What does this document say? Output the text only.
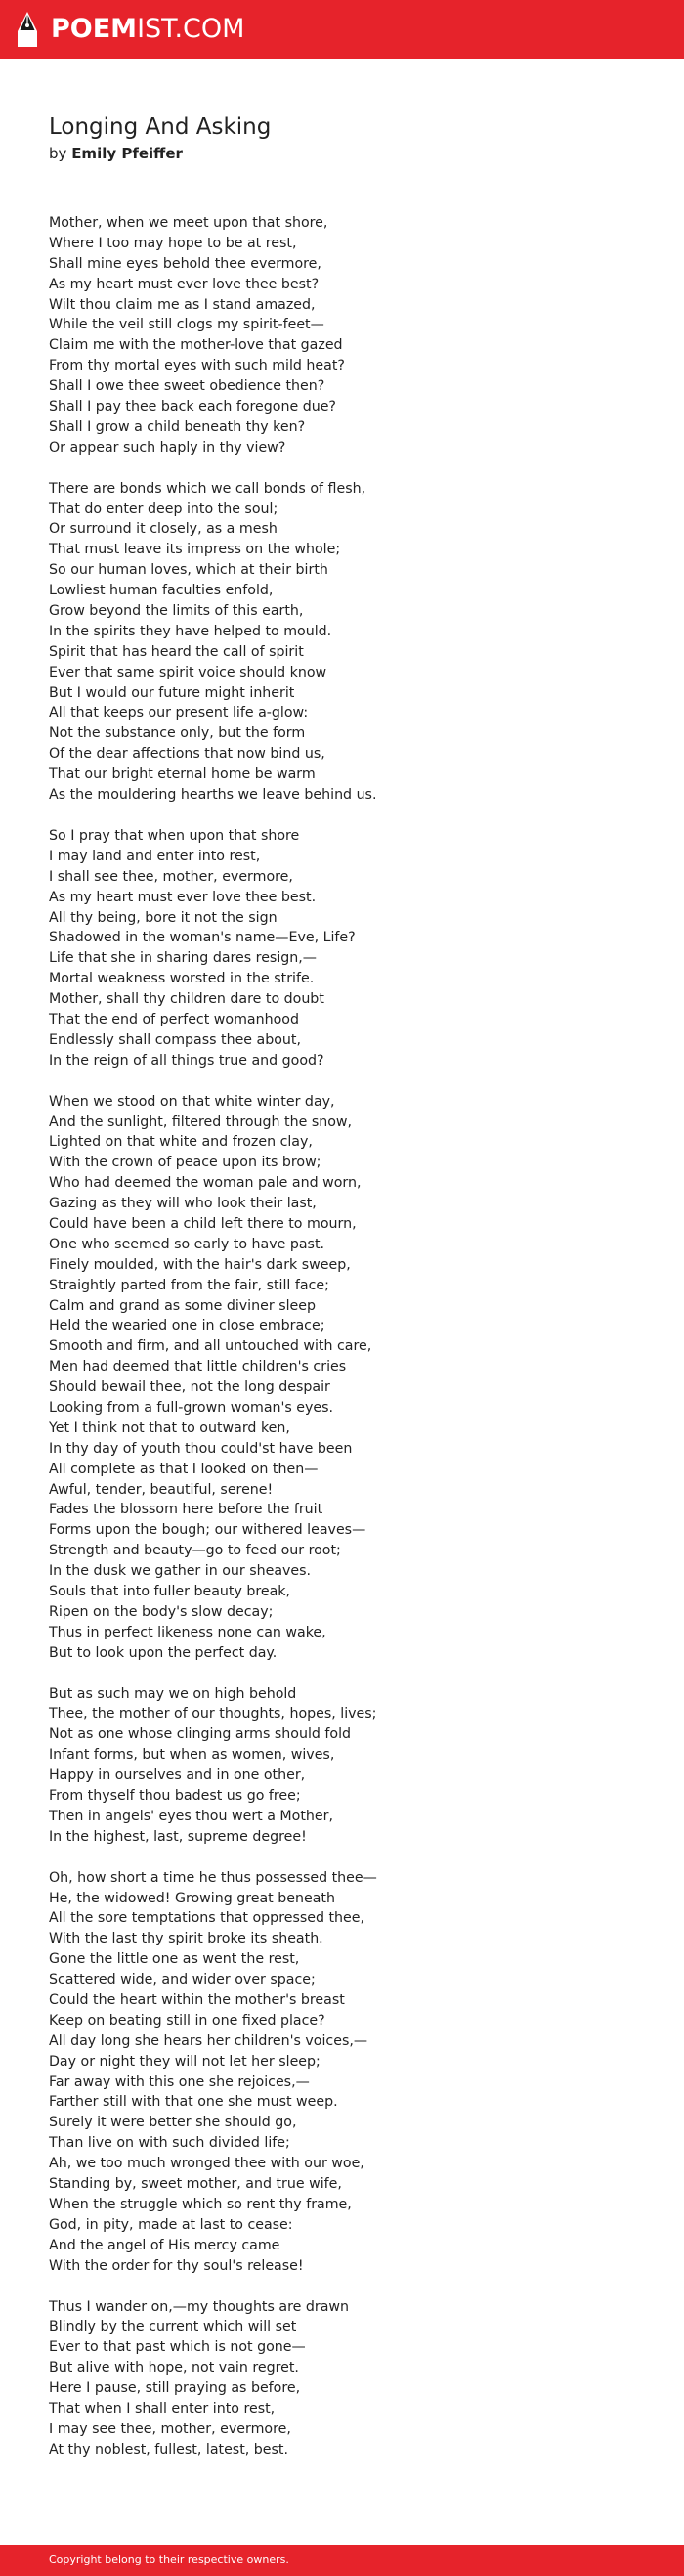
POEMIST.COM
Longing And Asking
by Emily Pfeiffer
Mother, when we meet upon that shore,
Where I too may hope to be at rest,
Shall mine eyes behold thee evermore,
As my heart must ever love thee best?
Wilt thou claim me as I stand amazed,
While the veil still clogs my spirit-feet—
Claim me with the mother-love that gazed
From thy mortal eyes with such mild heat?
Shall I owe thee sweet obedience then?
Shall I pay thee back each foregone due?
Shall I grow a child beneath thy ken?
Or appear such haply in thy view?
There are bonds which we call bonds of flesh,
That do enter deep into the soul;
Or surround it closely, as a mesh
That must leave its impress on the whole;
So our human loves, which at their birth
Lowliest human faculties enfold,
Grow beyond the limits of this earth,
In the spirits they have helped to mould.
Spirit that has heard the call of spirit
Ever that same spirit voice should know
But I would our future might inherit
All that keeps our present life a-glow:
Not the substance only, but the form
Of the dear affections that now bind us,
That our bright eternal home be warm
As the mouldering hearths we leave behind us.
So I pray that when upon that shore
I may land and enter into rest,
I shall see thee, mother, evermore,
As my heart must ever love thee best.
All thy being, bore it not the sign
Shadowed in the woman's name—Eve, Life?
Life that she in sharing dares resign,—
Mortal weakness worsted in the strife.
Mother, shall thy children dare to doubt
That the end of perfect womanhood
Endlessly shall compass thee about,
In the reign of all things true and good?
When we stood on that white winter day,
And the sunlight, filtered through the snow,
Lighted on that white and frozen clay,
With the crown of peace upon its brow;
Who had deemed the woman pale and worn,
Gazing as they will who look their last,
Could have been a child left there to mourn,
One who seemed so early to have past.
Finely moulded, with the hair's dark sweep,
Straightly parted from the fair, still face;
Calm and grand as some diviner sleep
Held the wearied one in close embrace;
Smooth and firm, and all untouched with care,
Men had deemed that little children's cries
Should bewail thee, not the long despair
Looking from a full-grown woman's eyes.
Yet I think not that to outward ken,
In thy day of youth thou could'st have been
All complete as that I looked on then—
Awful, tender, beautiful, serene!
Fades the blossom here before the fruit
Forms upon the bough; our withered leaves—
Strength and beauty—go to feed our root;
In the dusk we gather in our sheaves.
Souls that into fuller beauty break,
Ripen on the body's slow decay;
Thus in perfect likeness none can wake,
But to look upon the perfect day.
But as such may we on high behold
Thee, the mother of our thoughts, hopes, lives;
Not as one whose clinging arms should fold
Infant forms, but when as women, wives,
Happy in ourselves and in one other,
From thyself thou badest us go free;
Then in angels' eyes thou wert a Mother,
In the highest, last, supreme degree!
Oh, how short a time he thus possessed thee—
He, the widowed! Growing great beneath
All the sore temptations that oppressed thee,
With the last thy spirit broke its sheath.
Gone the little one as went the rest,
Scattered wide, and wider over space;
Could the heart within the mother's breast
Keep on beating still in one fixed place?
All day long she hears her children's voices,—
Day or night they will not let her sleep;
Far away with this one she rejoices,—
Farther still with that one she must weep.
Surely it were better she should go,
Than live on with such divided life;
Ah, we too much wronged thee with our woe,
Standing by, sweet mother, and true wife,
When the struggle which so rent thy frame,
God, in pity, made at last to cease:
And the angel of His mercy came
With the order for thy soul's release!
Thus I wander on,—my thoughts are drawn
Blindly by the current which will set
Ever to that past which is not gone—
But alive with hope, not vain regret.
Here I pause, still praying as before,
That when I shall enter into rest,
I may see thee, mother, evermore,
At thy noblest, fullest, latest, best.
Copyright belong to their respective owners.
